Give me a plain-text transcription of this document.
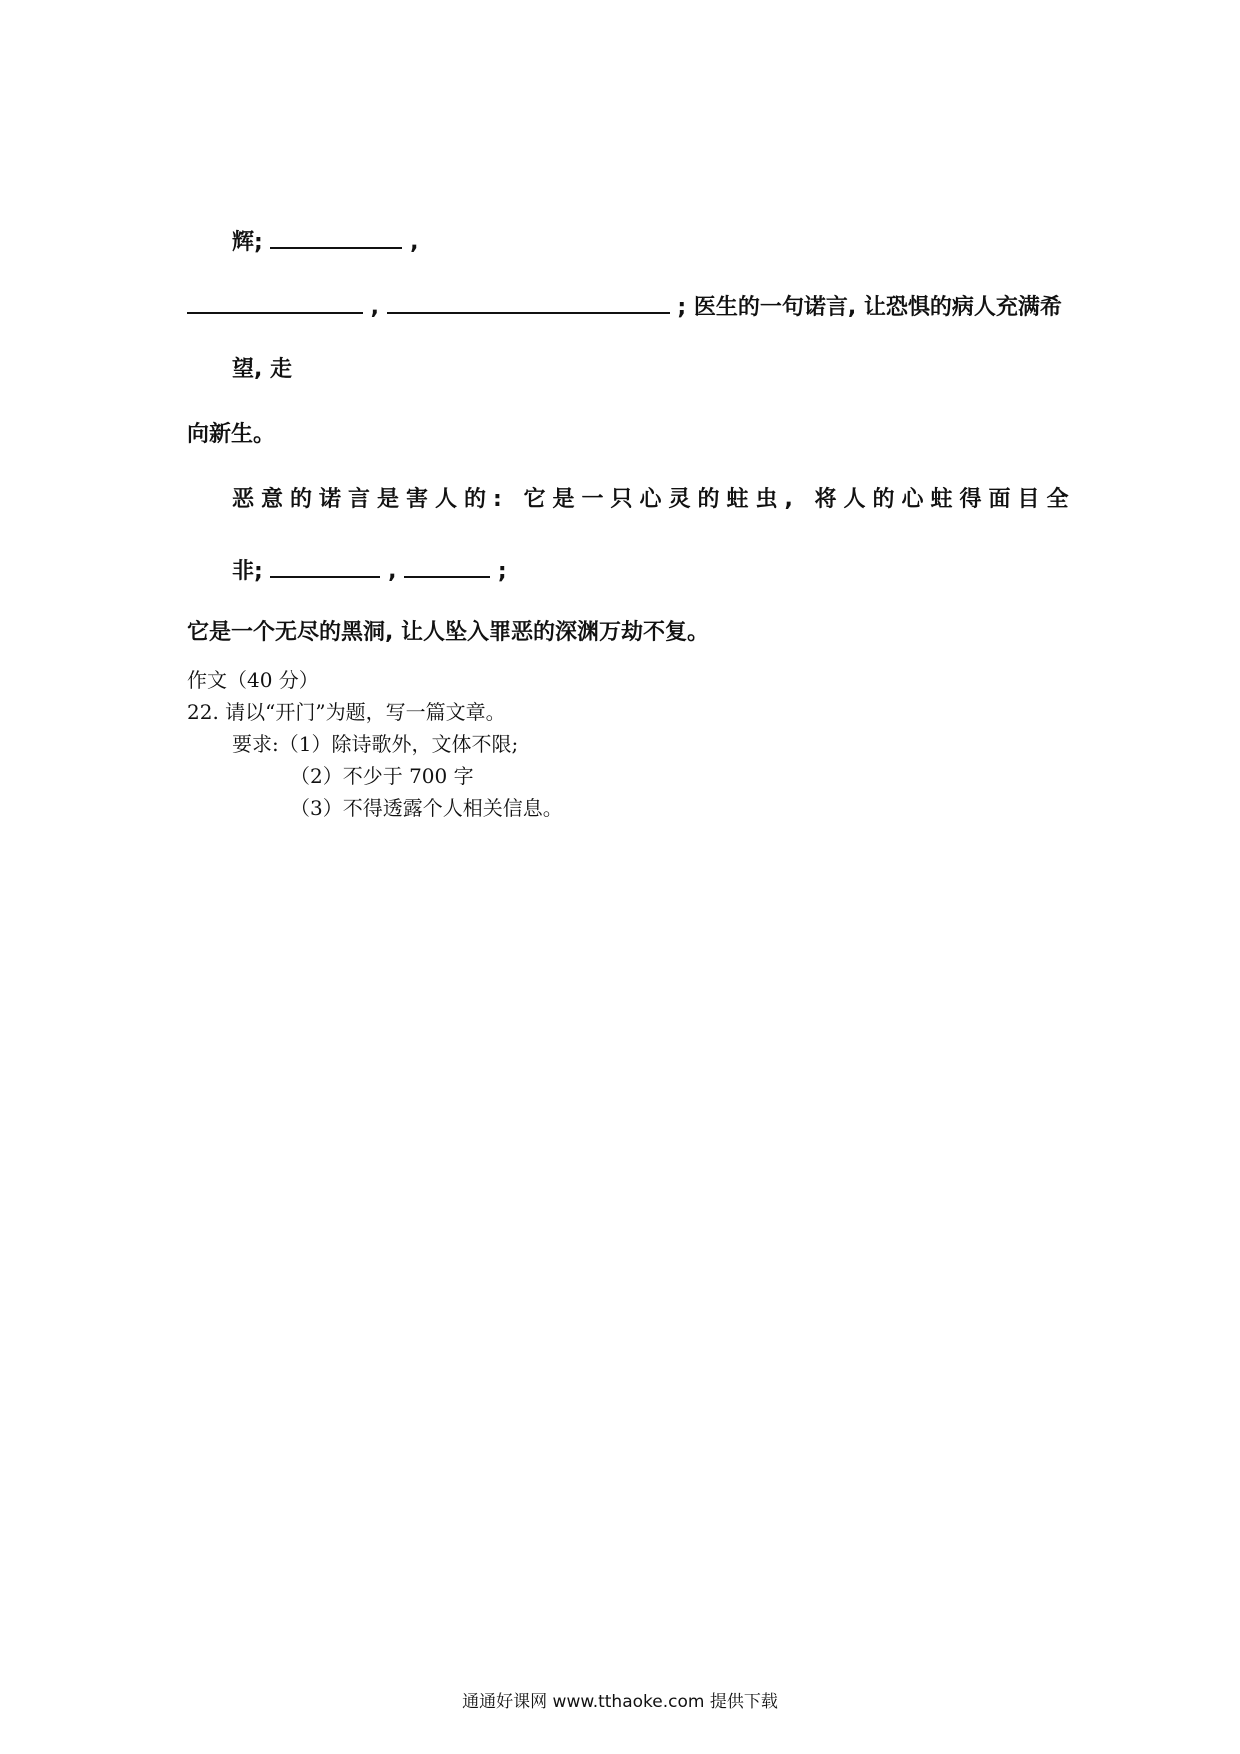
辉;	,
,	; 医生的一句诺言, 让恐惧的病人充满希
望, 走
向新生。
恶意的诺言是害人的: 它是一只心灵的蛀虫, 将人的心蛀得面目全
非;	,	;
它是一个无尽的黑洞, 让人坠入罪恶的深渊万劫不复。
作文（40 分）
22. 请以“开门”为题，写一篇文章。
要求:（1）除诗歌外，文体不限;
（2）不少于 700 字
（3）不得透露个人相关信息。
通通好课网 www.tthaoke.com 提供下载
